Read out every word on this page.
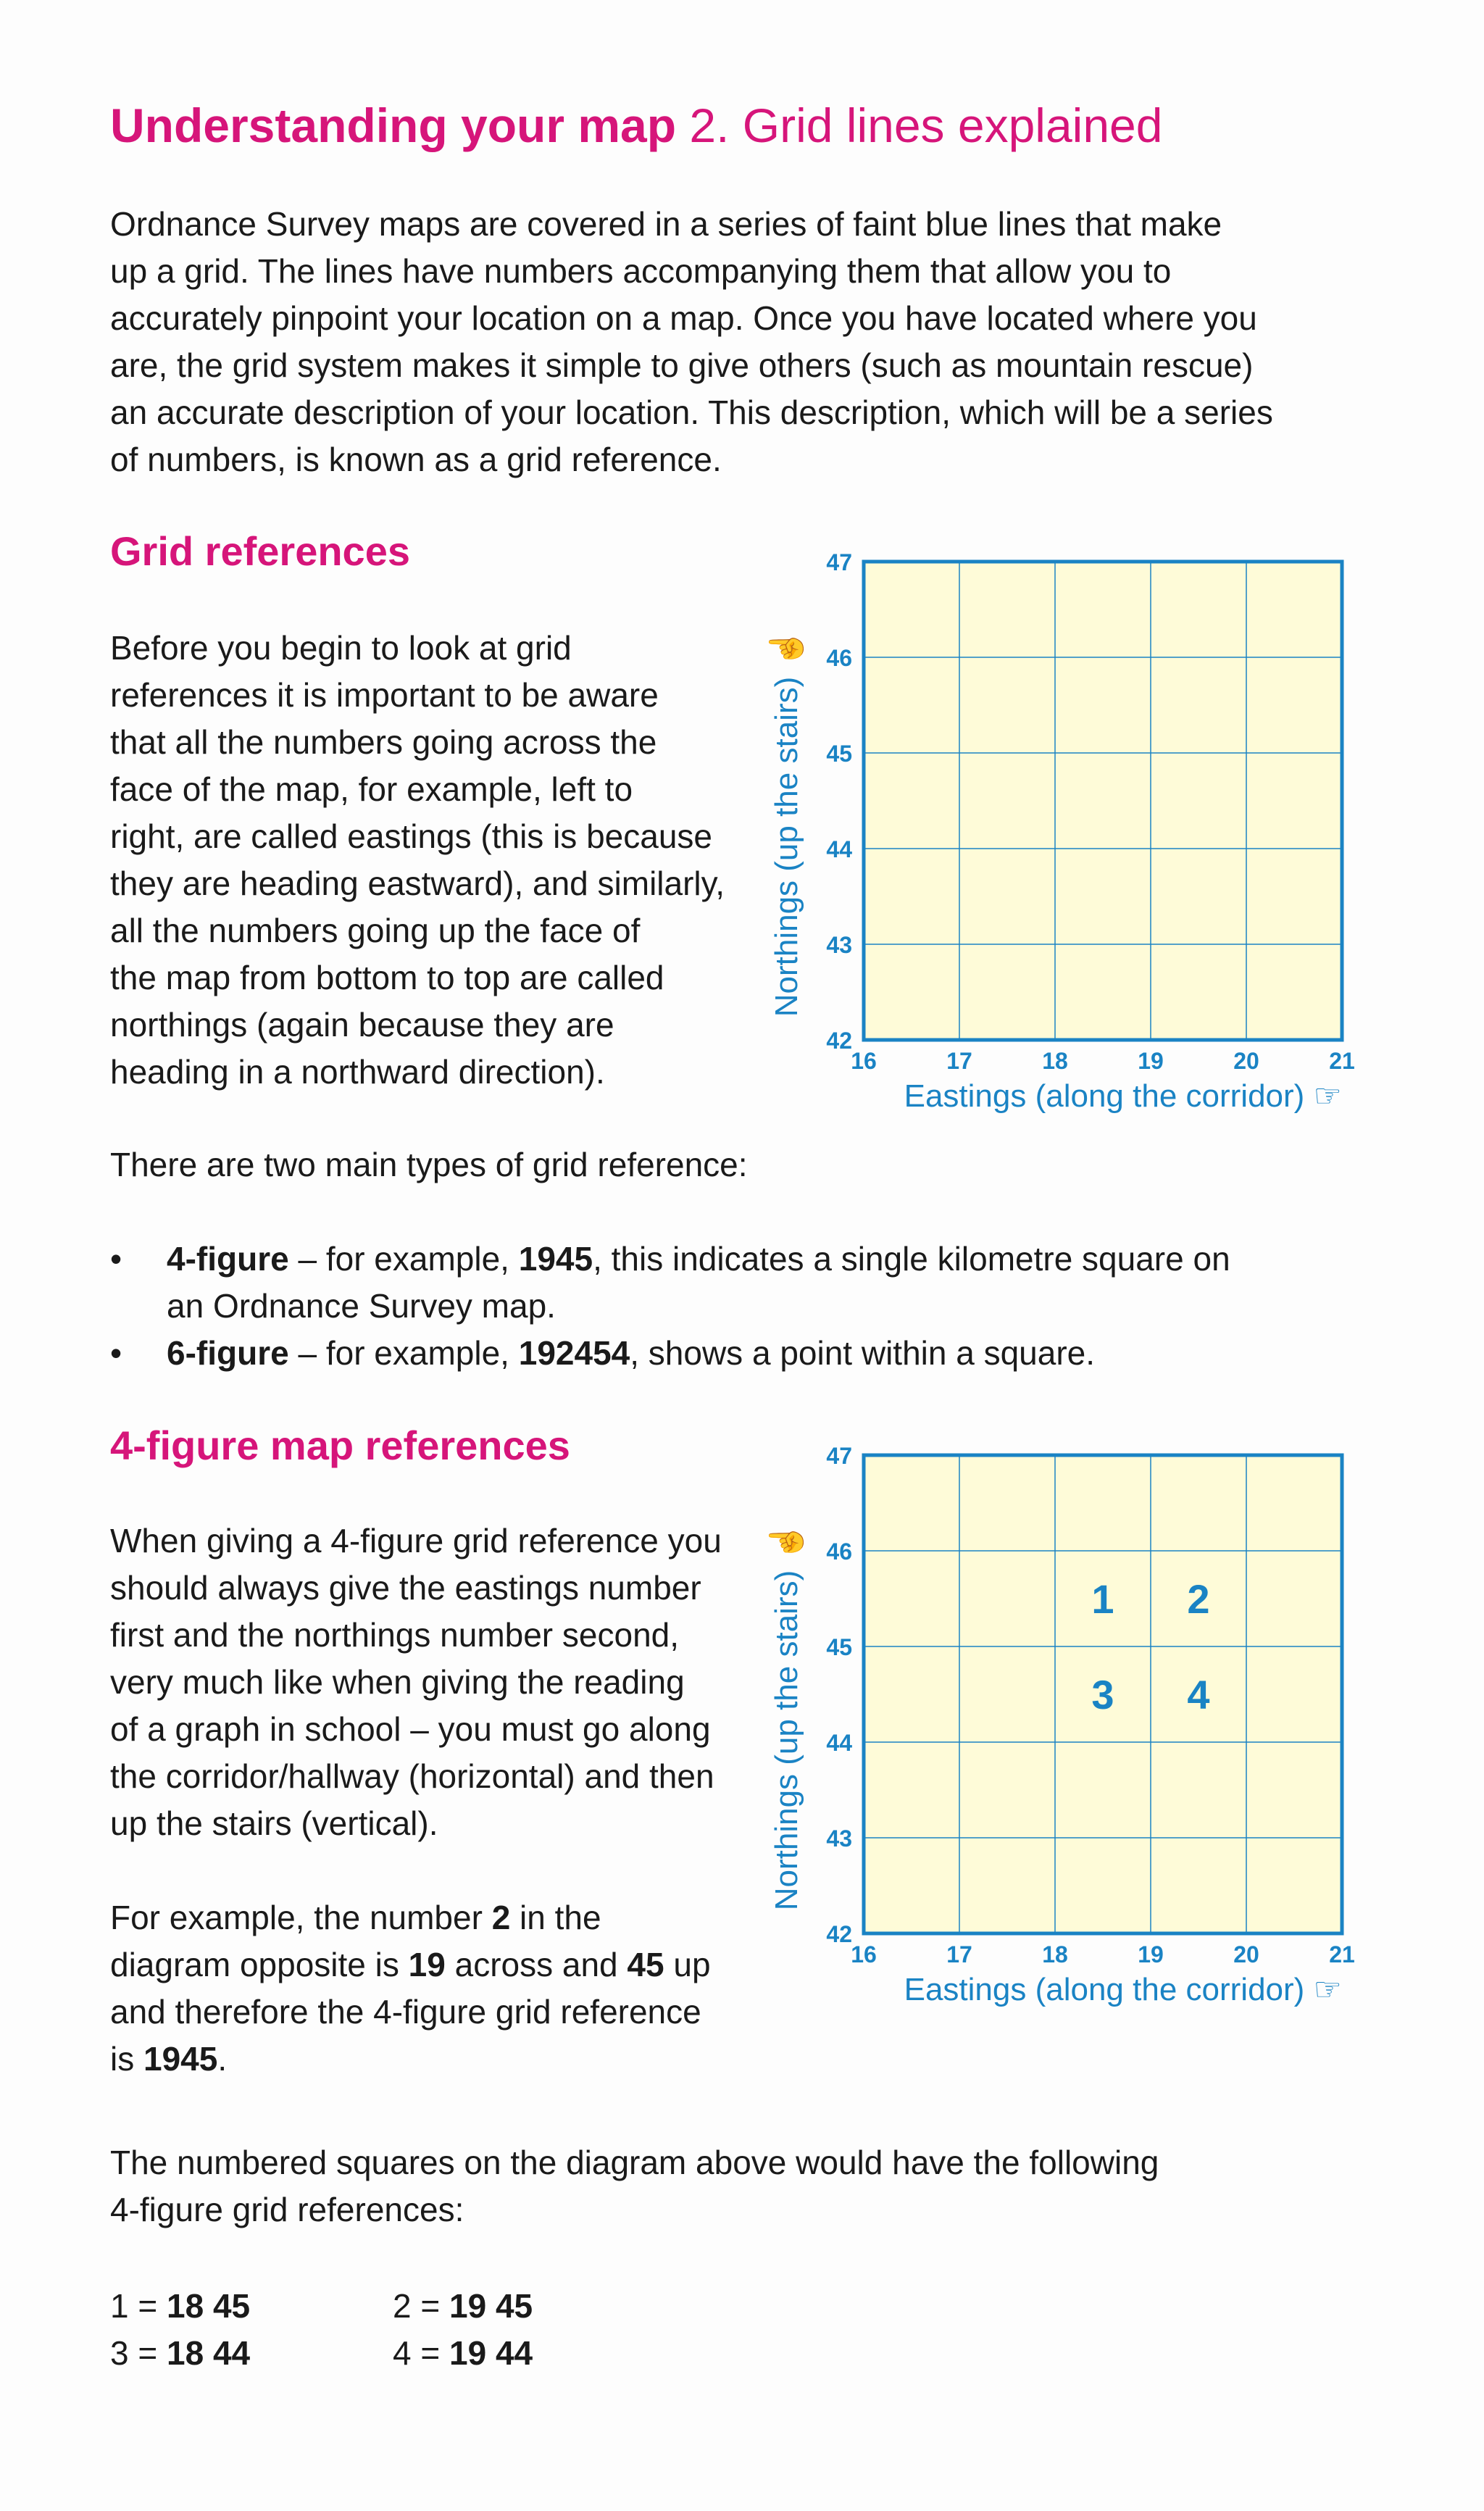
Understanding your map 2. Grid lines explained
Ordnance Survey maps are covered in a series of faint blue lines that make
up a grid. The lines have numbers accompanying them that allow you to
accurately pinpoint your location on a map. Once you have located where you
are, the grid system makes it simple to give others (such as mountain rescue)
an accurate description of your location. This description, which will be a series
of numbers, is known as a grid reference.
Grid references
Before you begin to look at grid
references it is important to be aware
that all the numbers going across the
face of the map, for example, left to
right, are called eastings (this is because
they are heading eastward), and similarly,
all the numbers going up the face of
the map from bottom to top are called
northings (again because they are
heading in a northward direction).	16	17	18	19	20	21
42
43
44
45
46
47
Eastings (along the corridor) ☞
Northings (up the stairs) ☝
There are two main types of grid reference:
• 4-figure – for example, 1945, this indicates a single kilometre square on
an Ordnance Survey map.
• 6-figure – for example, 192454, shows a point within a square.
4-figure map references
When giving a 4-figure grid reference you
should always give the eastings number
first and the northings number second,
very much like when giving the reading
of a graph in school – you must go along
the corridor/hallway (horizontal) and then
up the stairs (vertical).
For example, the number 2 in the
diagram opposite is 19 across and 45 up
and therefore the 4-figure grid reference
is 1945.
16	17	18	19	20	21
42
43
44
45
46
47
Eastings (along the corridor) ☞
Northings (up the stairs) ☝	1 2
3 4
The numbered squares on the diagram above would have the following
4-figure grid references:
1 = 18 45	2 = 19 45
3 = 18 44	4 = 19 44
